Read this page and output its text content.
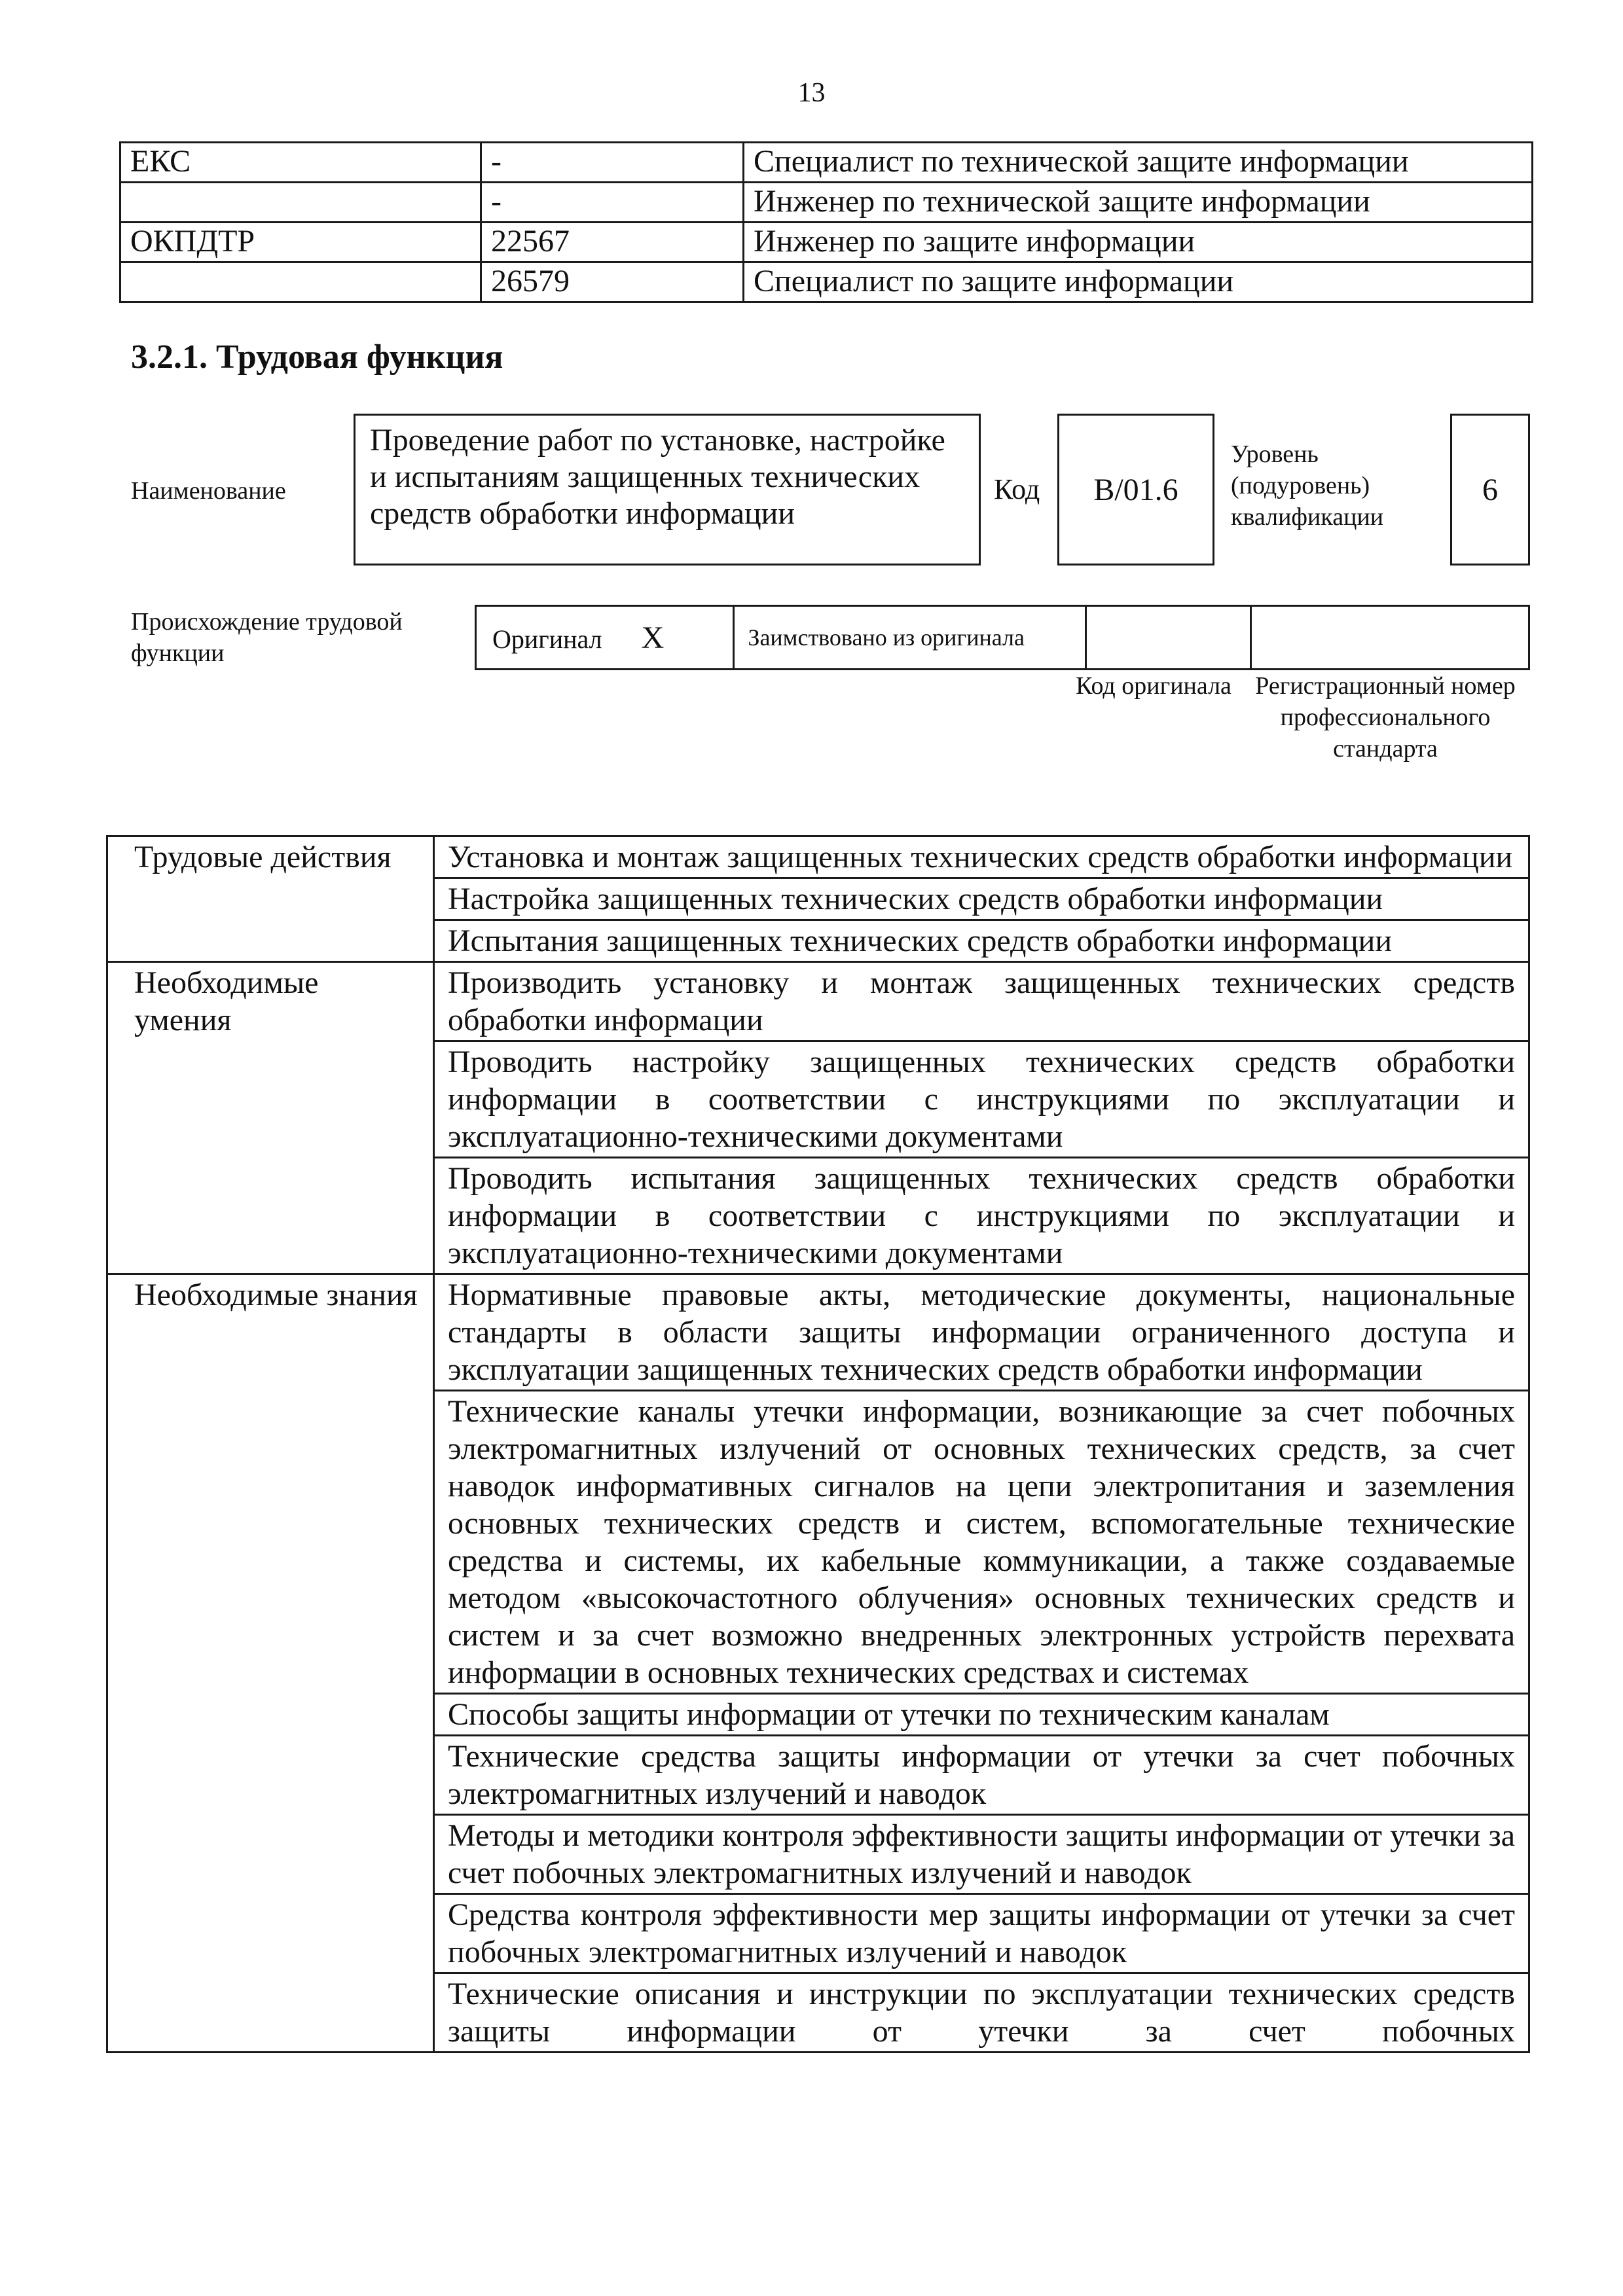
13
ЕКС	-	Специалист по технической защите информации
	-	Инженер по технической защите информации
ОКПДТР	22567	Инженер по защите информации
	26579	Специалист по защите информации
3.2.1. Трудовая функция
Наименование
Проведение работ по установке, настройке и испытаниям защищенных технических средств обработки информации
Код	В/01.6
Уровень (подуровень) квалификации
6
Происхождение трудовой функции	Оригинал Х	Заимствовано из оригинала		
Код оригинала Регистрационный номер профессионального стандарта
Трудовые действия	Установка и монтаж защищенных технических средств обработки информации
	Настройка защищенных технических средств обработки информации
	Испытания защищенных технических средств обработки информации
Необходимые умения	Производить установку и монтаж защищенных технических средств обработки информации
	Проводить настройку защищенных технических средств обработки информации в соответствии с инструкциями по эксплуатации и эксплуатационно-техническими документами
	Проводить испытания защищенных технических средств обработки информации в соответствии с инструкциями по эксплуатации и эксплуатационно-техническими документами
Необходимые знания	Нормативные правовые акты, методические документы, национальные стандарты в области защиты информации ограниченного доступа и эксплуатации защищенных технических средств обработки информации
	Технические каналы утечки информации, возникающие за счет побочных электромагнитных излучений от основных технических средств, за счет наводок информативных сигналов на цепи электропитания и заземления основных технических средств и систем, вспомогательные технические средства и системы, их кабельные коммуникации, а также создаваемые методом «высокочастотного облучения» основных технических средств и систем и за счет возможно внедренных электронных устройств перехвата информации в основных технических средствах и системах
	Способы защиты информации от утечки по техническим каналам
	Технические средства защиты информации от утечки за счет побочных электромагнитных излучений и наводок
	Методы и методики контроля эффективности защиты информации от утечки за счет побочных электромагнитных излучений и наводок
	Средства контроля эффективности мер защиты информации от утечки за счет побочных электромагнитных излучений и наводок
	Технические описания и инструкции по эксплуатации технических средств защиты информации от утечки за счет побочных
